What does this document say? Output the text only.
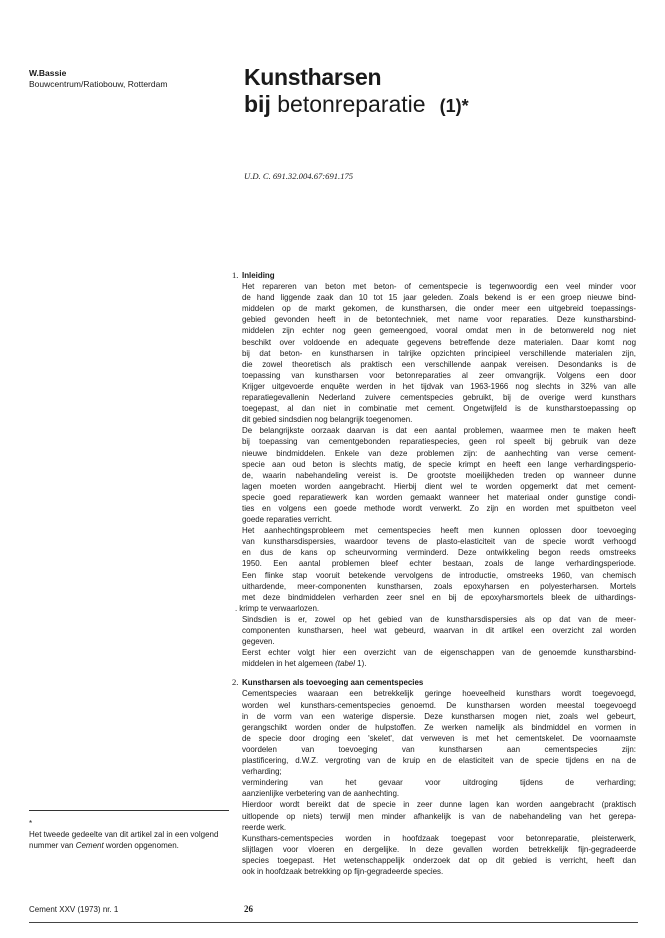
W.Bassie
Bouwcentrum/Ratiobouw, Rotterdam	Kunstharsen
bij betonreparatie (1)*
U.D. C. 691.32.004.67:691.175
1. Inleiding
Het repareren van beton met beton- of cementspecie is tegenwoordig een veel minder voor
de hand liggende zaak dan 10 tot 15 jaar geleden. Zoals bekend is er een groep nieuwe bind-
middelen op de markt gekomen, de kunstharsen, die onder meer een uitgebreid toepassings-
gebied gevonden heeft in de betontechniek, met name voor reparaties. Deze kunstharsbind-
middelen zijn echter nog geen gemeengoed, vooral omdat men in de betonwereld nog niet
beschikt over voldoende en adequate gegevens betreffende deze materialen. Daar komt nog
bij dat beton- en kunstharsen in talrijke opzichten principieel verschillende materialen zijn,
die zowel theoretisch als praktisch een verschillende aanpak vereisen. Desondanks is de
toepassing van kunstharsen voor betonreparaties al zeer omvangrijk. Volgens een door
Krijger uitgevoerde enquête werden in het tijdvak van 1963-1966 nog slechts in 32% van alle
reparatiegevallenin Nederland zuivere cementspecies gebruikt, bij de overige werd kunsthars
toegepast, al dan niet in combinatie met cement. Ongetwijfeld is de kunstharstoepassing op
dit gebied sindsdien nog belangrijk toegenomen.
De belangrijkste oorzaak daarvan is dat een aantal problemen, waarmee men te maken heeft
bij toepassing van cementgebonden reparatiespecies, geen rol speelt bij gebruik van deze
nieuwe bindmiddelen. Enkele van deze problemen zijn: de aanhechting van verse cement-
specie aan oud beton is slechts matig, de specie krimpt en heeft een lange verhardingsperio-
de, waarin nabehandeling vereist is. De grootste moeilijkheden treden op wanneer dunne
lagen moeten worden aangebracht. Hierbij dient wel te worden opgemerkt dat met cement-
specie goed reparatiewerk kan worden gemaakt wanneer het materiaal onder gunstige condi-
ties en volgens een goede methode wordt verwerkt. Zo zijn en worden met spuitbeton veel
goede reparaties verricht.
Het aanhechtingsprobleem met cementspecies heeft men kunnen oplossen door toevoeging
van kunstharsdispersies, waardoor tevens de plasto-elasticiteit van de specie wordt verhoogd
en dus de kans op scheurvorming verminderd. Deze ontwikkeling begon reeds omstreeks
1950. Een aantal problemen bleef echter bestaan, zoals de lange verhardingsperiode.
Een flinke stap vooruit betekende vervolgens de introductie, omstreeks 1960, van chemisch
uithardende, meer-componenten kunstharsen, zoals epoxyharsen en polyesterharsen. Mortels
met deze bindmiddelen verharden zeer snel en bij de epoxyharsmortels bleek de uithardings-
. krimp te verwaarlozen.
Sindsdien is er, zowel op het gebied van de kunstharsdispersies als op dat van de meer-
componenten kunstharsen, heel wat gebeurd, waarvan in dit artikel een overzicht zal worden
gegeven.
Eerst echter volgt hier een overzicht van de eigenschappen van de genoemde kunstharsbind-
middelen in het algemeen (tabel 1).
2. Kunstharsen als toevoeging aan cementspecies
Cementspecies waaraan een betrekkelijk geringe hoeveelheid kunsthars wordt toegevoegd,
worden wel kunsthars-cementspecies genoemd. De kunstharsen worden meestal toegevoegd
in de vorm van een waterige dispersie. Deze kunstharsen mogen niet, zoals wel gebeurt,
gerangschikt worden onder de hulpstoffen. Ze werken namelijk als bindmiddel en vormen in
de specie door droging een 'skelet', dat verweven is met het cementskelet. De voornaamste
voordelen van toevoeging van kunstharsen aan cementspecies zijn:
plastificering, d.W.Z. vergroting van de kruip en de elasticiteit van de specie tijdens en na de
verharding;
vermindering van het gevaar voor uitdroging tijdens de verharding;
aanzienlijke verbetering van de aanhechting.
Hierdoor wordt bereikt dat de specie in zeer dunne lagen kan worden aangebracht (praktisch
uitlopende op niets) terwijl men minder afhankelijk is van de nabehandeling van het gerepa-
reerde werk.
Kunsthars-cementspecies worden in hoofdzaak toegepast voor betonreparatie, pleisterwerk,
slijtlagen voor vloeren en dergelijke. In deze gevallen worden betrekkelijk fijn-gegradeerde
species toegepast. Het wetenschappelijk onderzoek dat op dit gebied is verricht, heeft dan
ook in hoofdzaak betrekking op fijn-gegradeerde species.
*
Het tweede gedeelte van dit artikel zal in een volgend nummer van Cement worden opgenomen.
Cement XXV (1973) nr. 1	26
